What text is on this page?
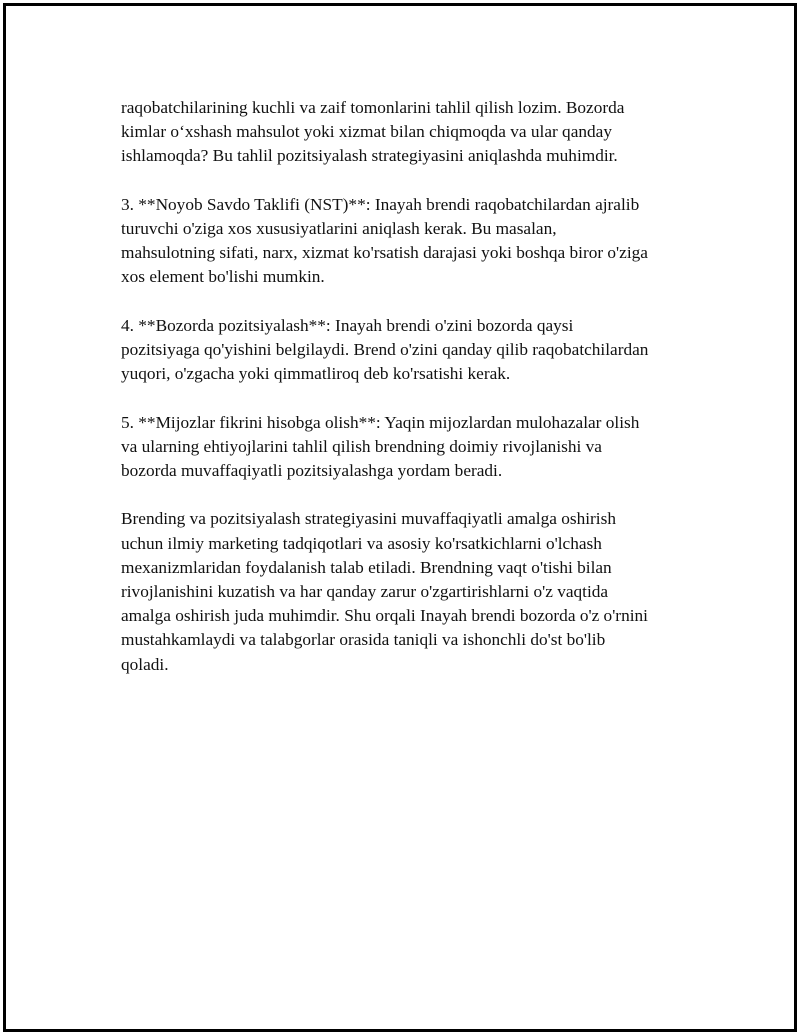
raqobatchilarining kuchli va zaif tomonlarini tahlil qilish lozim. Bozorda
kimlar o‘xshash mahsulot yoki xizmat bilan chiqmoqda va ular qanday
ishlamoqda? Bu tahlil pozitsiyalash strategiyasini aniqlashda muhimdir.

3. **Noyob Savdo Taklifi (NST)**: Inayah brendi raqobatchilardan ajralib
turuvchi o'ziga xos xususiyatlarini aniqlash kerak. Bu masalan,
mahsulotning sifati, narx, xizmat ko'rsatish darajasi yoki boshqa biror o'ziga
xos element bo'lishi mumkin.

4. **Bozorda pozitsiyalash**: Inayah brendi o'zini bozorda qaysi
pozitsiyaga qo'yishini belgilaydi. Brend o'zini qanday qilib raqobatchilardan
yuqori, o'zgacha yoki qimmatliroq deb ko'rsatishi kerak.

5. **Mijozlar fikrini hisobga olish**: Yaqin mijozlardan mulohazalar olish
va ularning ehtiyojlarini tahlil qilish brendning doimiy rivojlanishi va
bozorda muvaffaqiyatli pozitsiyalashga yordam beradi.

Brending va pozitsiyalash strategiyasini muvaffaqiyatli amalga oshirish
uchun ilmiy marketing tadqiqotlari va asosiy ko'rsatkichlarni o'lchash
mexanizmlaridan foydalanish talab etiladi. Brendning vaqt o'tishi bilan
rivojlanishini kuzatish va har qanday zarur o'zgartirishlarni o'z vaqtida
amalga oshirish juda muhimdir. Shu orqali Inayah brendi bozorda o'z o'rnini
mustahkamlaydi va talabgorlar orasida taniqli va ishonchli do'st bo'lib
qoladi.
